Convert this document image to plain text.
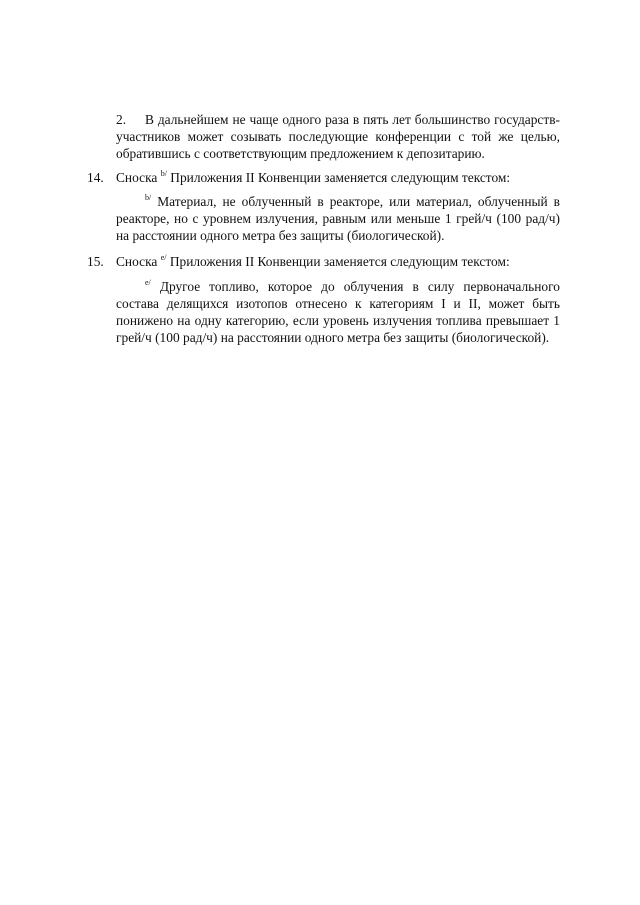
2. В дальнейшем не чаще одного раза в пять лет большинство государств-участников может созывать последующие конференции с той же целью, обратившись с соответствующим предложением к депозитарию.
14. Сноска $^{b/}$ Приложения II Конвенции заменяется следующим текстом:
$^{b/}$ Материал, не облученный в реакторе, или материал, облученный в реакторе, но с уровнем излучения, равным или меньше 1 грей/ч (100 рад/ч) на расстоянии одного метра без защиты (биологической).
15. Сноска $^{e/}$ Приложения II Конвенции заменяется следующим текстом:
$^{e/}$ Другое топливо, которое до облучения в силу первоначального состава делящихся изотопов отнесено к категориям I и II, может быть понижено на одну категорию, если уровень излучения топлива превышает 1 грей/ч (100 рад/ч) на расстоянии одного метра без защиты (биологической).
